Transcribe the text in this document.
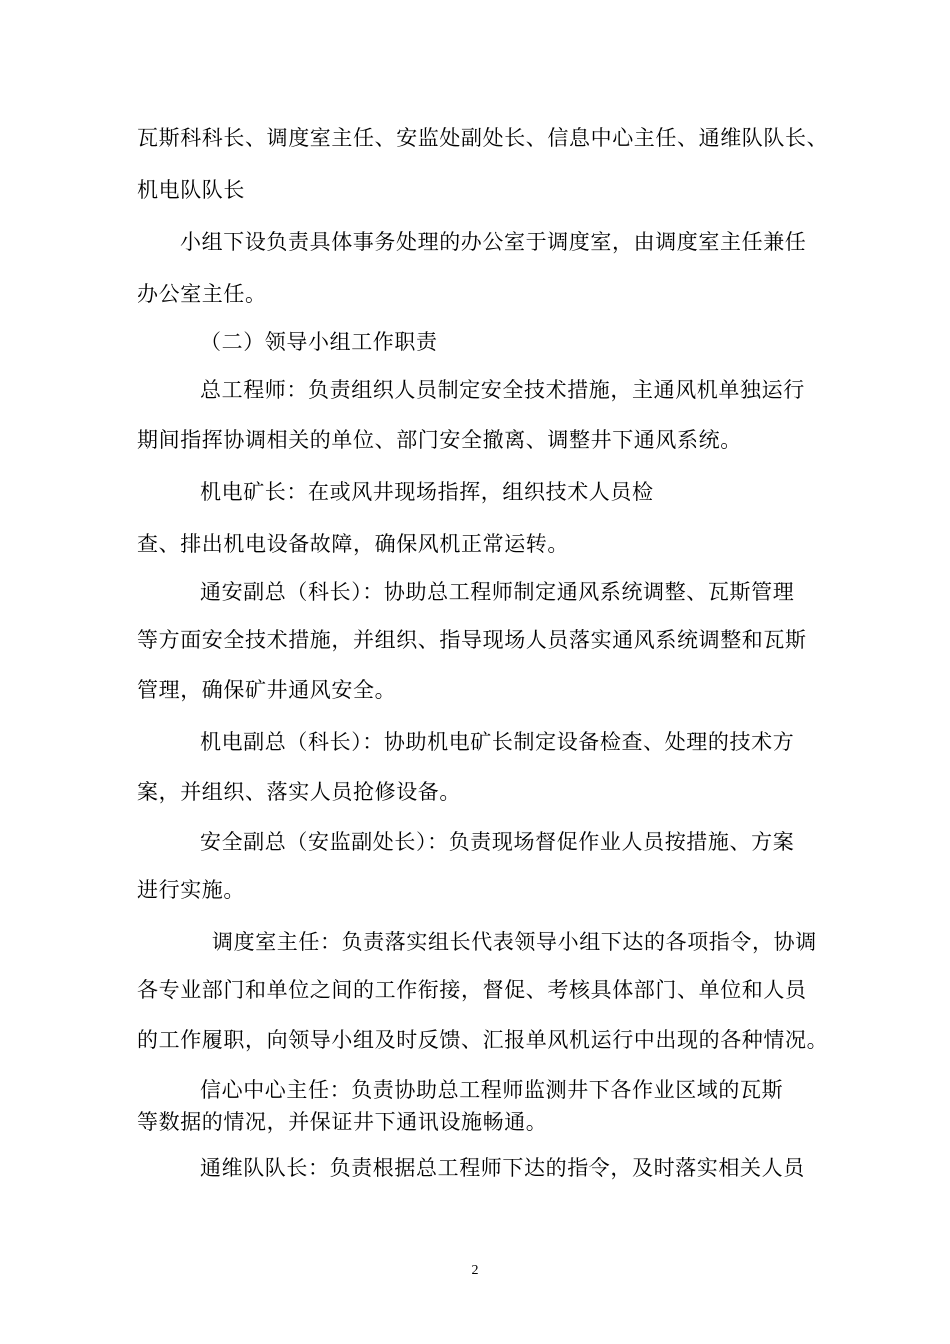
瓦斯科科长、调度室主任、安监处副处长、信息中心主任、通维队队长、
机电队队长
小组下设负责具体事务处理的办公室于调度室，由调度室主任兼任
办公室主任。
（二）领导小组工作职责
总工程师：负责组织人员制定安全技术措施，主通风机单独运行
期间指挥协调相关的单位、部门安全撤离、调整井下通风系统。
机电矿长：在或风井现场指挥，组织技术人员检
查、排出机电设备故障，确保风机正常运转。
通安副总（科长）：协助总工程师制定通风系统调整、瓦斯管理
等方面安全技术措施，并组织、指导现场人员落实通风系统调整和瓦斯
管理，确保矿井通风安全。
机电副总（科长）：协助机电矿长制定设备检查、处理的技术方
案，并组织、落实人员抢修设备。
安全副总（安监副处长）：负责现场督促作业人员按措施、方案
进行实施。
调度室主任：负责落实组长代表领导小组下达的各项指令，协调
各专业部门和单位之间的工作衔接，督促、考核具体部门、单位和人员
的工作履职，向领导小组及时反馈、汇报单风机运行中出现的各种情况。
信心中心主任：负责协助总工程师监测井下各作业区域的瓦斯
等数据的情况，并保证井下通讯设施畅通。
通维队队长：负责根据总工程师下达的指令，及时落实相关人员
2
